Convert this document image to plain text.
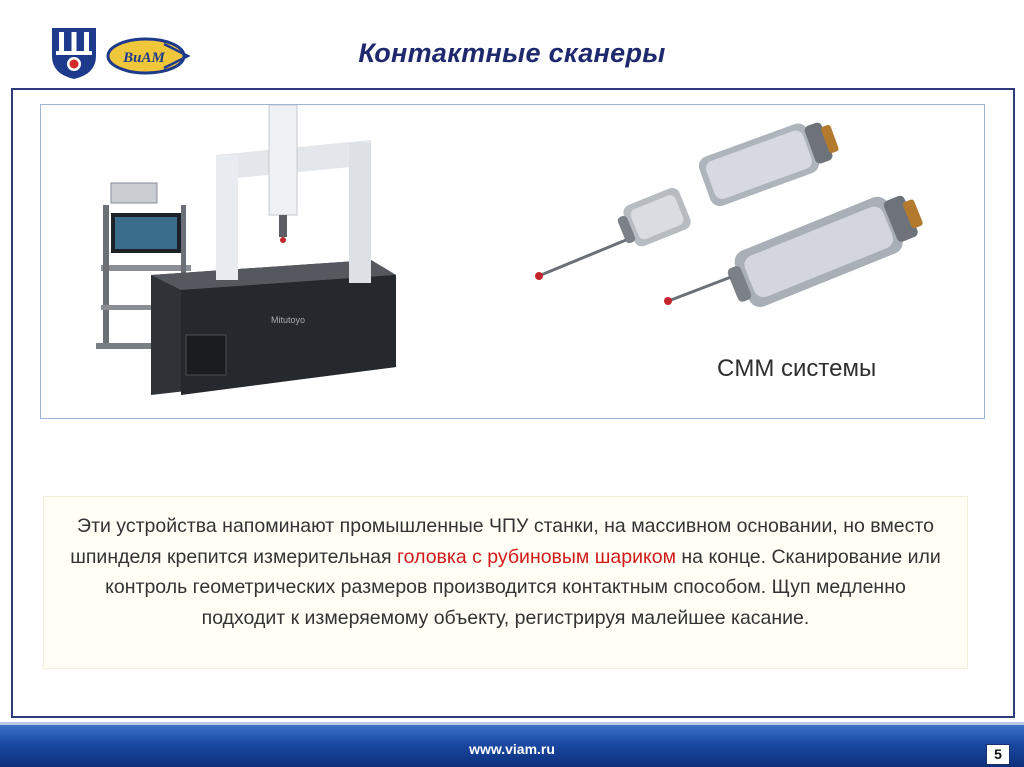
ВиАМ	Контактные сканеры
Mitutoyo
CMM системы
Эти устройства напоминают промышленные ЧПУ станки, на массивном основании, но вместо шпинделя крепится измерительная головка с рубиновым шариком на конце. Сканирование или контроль геометрических размеров производится контактным способом. Щуп медленно подходит к измеряемому объекту, регистрируя малейшее касание.
www.viam.ru	5
